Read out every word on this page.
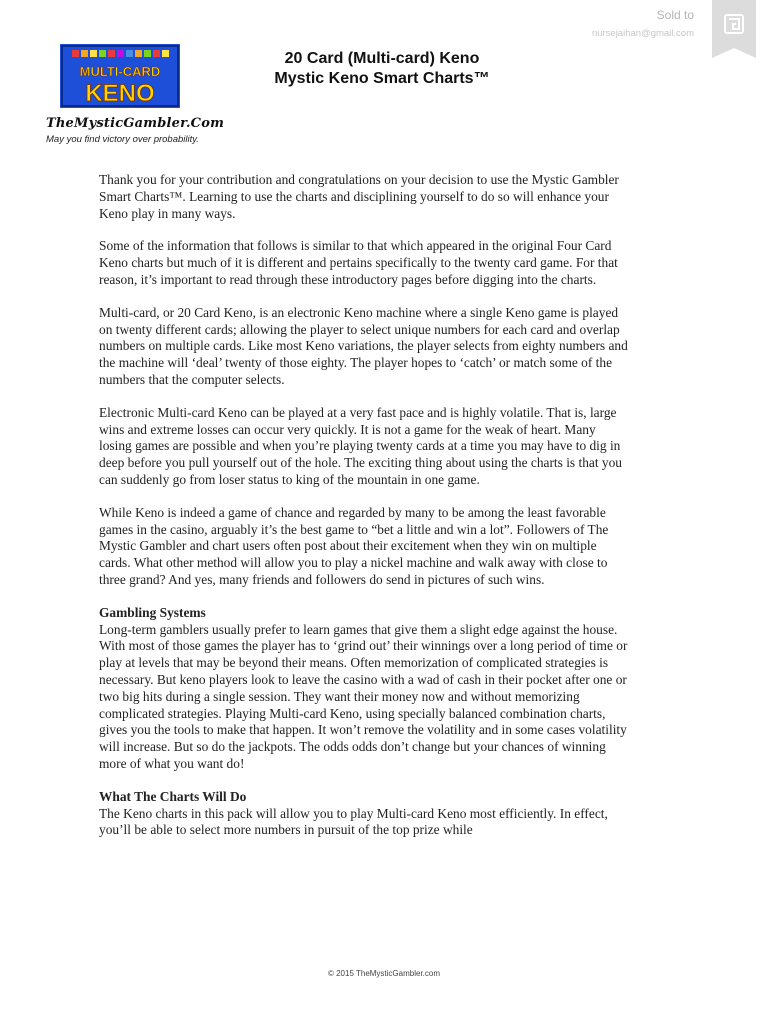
Sold to
nursejaihan@gmail.com
MULTI-CARD
KENO
TheMysticGambler.Com
May you find victory over probability.
20 Card (Multi-card) Keno
Mystic Keno Smart Charts™

Thank you for your contribution and congratulations on your decision to use the Mystic Gambler Smart Charts™. Learning to use the charts and disciplining yourself to do so will enhance your Keno play in many ways.

Some of the information that follows is similar to that which appeared in the original Four Card Keno charts but much of it is different and pertains specifically to the twenty card game. For that reason, it’s important to read through these introductory pages before digging into the charts.

Multi-card, or 20 Card Keno, is an electronic Keno machine where a single Keno game is played on twenty different cards; allowing the player to select unique numbers for each card and overlap numbers on multiple cards. Like most Keno variations, the player selects from eighty numbers and the machine will ‘deal’ twenty of those eighty. The player hopes to ‘catch’ or match some of the numbers that the computer selects.

Electronic Multi-card Keno can be played at a very fast pace and is highly volatile. That is, large wins and extreme losses can occur very quickly. It is not a game for the weak of heart. Many losing games are possible and when you’re playing twenty cards at a time you may have to dig in deep before you pull yourself out of the hole. The exciting thing about using the charts is that you can suddenly go from loser status to king of the mountain in one game.

While Keno is indeed a game of chance and regarded by many to be among the least favorable games in the casino, arguably it’s the best game to “bet a little and win a lot”. Followers of The Mystic Gambler and chart users often post about their excitement when they win on multiple cards. What other method will allow you to play a nickel machine and walk away with close to three grand? And yes, many friends and followers do send in pictures of such wins.

Gambling Systems

Long-term gamblers usually prefer to learn games that give them a slight edge against the house. With most of those games the player has to ‘grind out’ their winnings over a long period of time or play at levels that may be beyond their means. Often memorization of complicated strategies is necessary. But keno players look to leave the casino with a wad of cash in their pocket after one or two big hits during a single session. They want their money now and without memorizing complicated strategies. Playing Multi-card Keno, using specially balanced combination charts, gives you the tools to make that happen. It won’t remove the volatility and in some cases volatility will increase. But so do the jackpots. The odds odds don’t change but your chances of winning more of what you want do!

What The Charts Will Do

The Keno charts in this pack will allow you to play Multi-card Keno most efficiently. In effect, you’ll be able to select more numbers in pursuit of the top prize while

© 2015 TheMysticGambler.com
